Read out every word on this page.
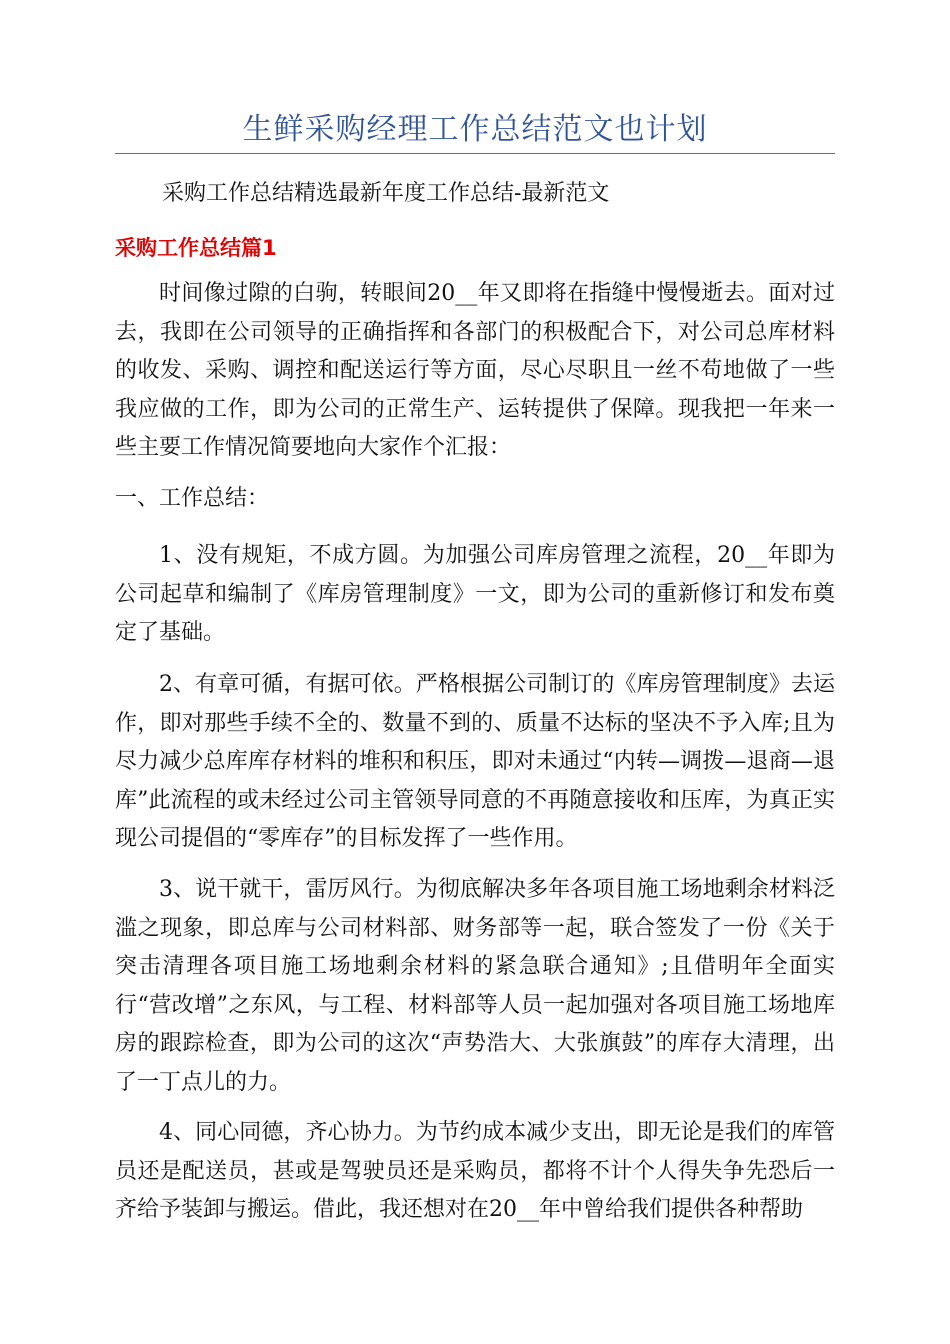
生鲜采购经理工作总结范文也计划
采购工作总结精选最新年度工作总结-最新范文
采购工作总结篇1

时间像过隙的白驹，转眼间20__年又即将在指缝中慢慢逝去。面对过去，我即在公司领导的正确指挥和各部门的积极配合下，对公司总库材料的收发、采购、调控和配送运行等方面，尽心尽职且一丝不苟地做了一些我应做的工作，即为公司的正常生产、运转提供了保障。现我把一年来一些主要工作情况简要地向大家作个汇报：

一、工作总结：

1、没有规矩，不成方圆。为加强公司库房管理之流程，20__年即为公司起草和编制了《库房管理制度》一文，即为公司的重新修订和发布奠定了基础。

2、有章可循，有据可依。严格根据公司制订的《库房管理制度》去运作，即对那些手续不全的、数量不到的、质量不达标的坚决不予入库;且为尽力减少总库库存材料的堆积和积压，即对未通过“内转—调拨—退商—退库”此流程的或未经过公司主管领导同意的不再随意接收和压库，为真正实现公司提倡的“零库存”的目标发挥了一些作用。

3、说干就干，雷厉风行。为彻底解决多年各项目施工场地剩余材料泛滥之现象，即总库与公司材料部、财务部等一起，联合签发了一份《关于突击清理各项目施工场地剩余材料的紧急联合通知》;且借明年全面实行“营改增”之东风，与工程、材料部等人员一起加强对各项目施工场地库房的跟踪检查，即为公司的这次“声势浩大、大张旗鼓”的库存大清理，出了一丁点儿的力。

4、同心同德，齐心协力。为节约成本减少支出，即无论是我们的库管员还是配送员，甚或是驾驶员还是采购员，都将不计个人得失争先恐后一齐给予装卸与搬运。借此，我还想对在20__年中曾给我们提供各种帮助
